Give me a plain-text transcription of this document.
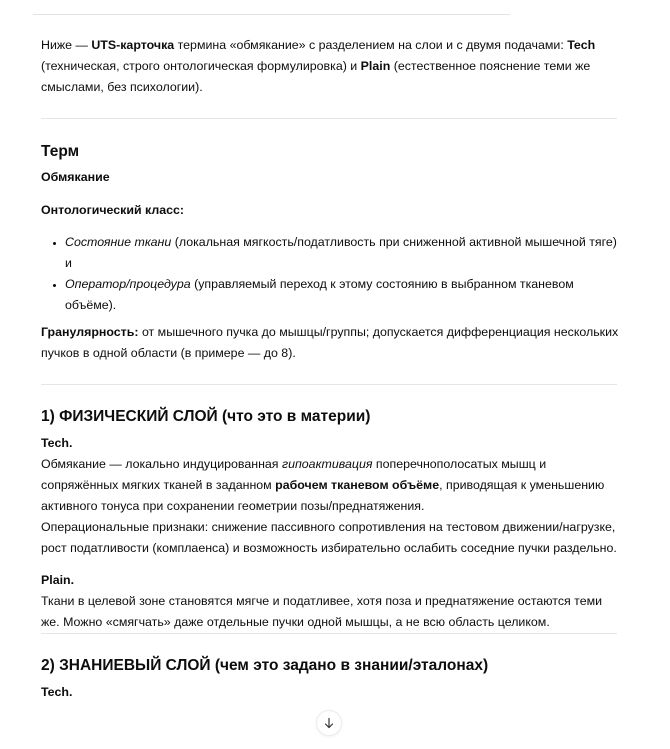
Ниже — UTS-карточка термина «обмякание» с разделением на слои и с двумя подачами: Tech (техническая, строго онтологическая формулировка) и Plain (естественное пояснение теми же смыслами, без психологии).

Терм

Обмякание

Онтологический класс:

• Состояние ткани (локальная мягкость/податливость при сниженной активной мышечной тяге) и
• Оператор/процедура (управляемый переход к этому состоянию в выбранном тканевом объёме).

Гранулярность: от мышечного пучка до мышцы/группы; допускается дифференциация нескольких пучков в одной области (в примере — до 8).

1) ФИЗИЧЕСКИЙ СЛОЙ (что это в материи)

Tech.

Обмякание — локально индуцированная гипоактивация поперечнополосатых мышц и сопряжённых мягких тканей в заданном рабочем тканевом объёме, приводящая к уменьшению активного тонуса при сохранении геометрии позы/преднатяжения.

Операциональные признаки: снижение пассивного сопротивления на тестовом движении/нагрузке, рост податливости (комплаенса) и возможность избирательно ослабить соседние пучки раздельно.

Plain.

Ткани в целевой зоне становятся мягче и податливее, хотя поза и преднатяжение остаются теми же. Можно «смягчать» даже отдельные пучки одной мышцы, а не всю область целиком.

2) ЗНАНИЕВЫЙ СЛОЙ (чем это задано в знании/эталонах)

Tech.
